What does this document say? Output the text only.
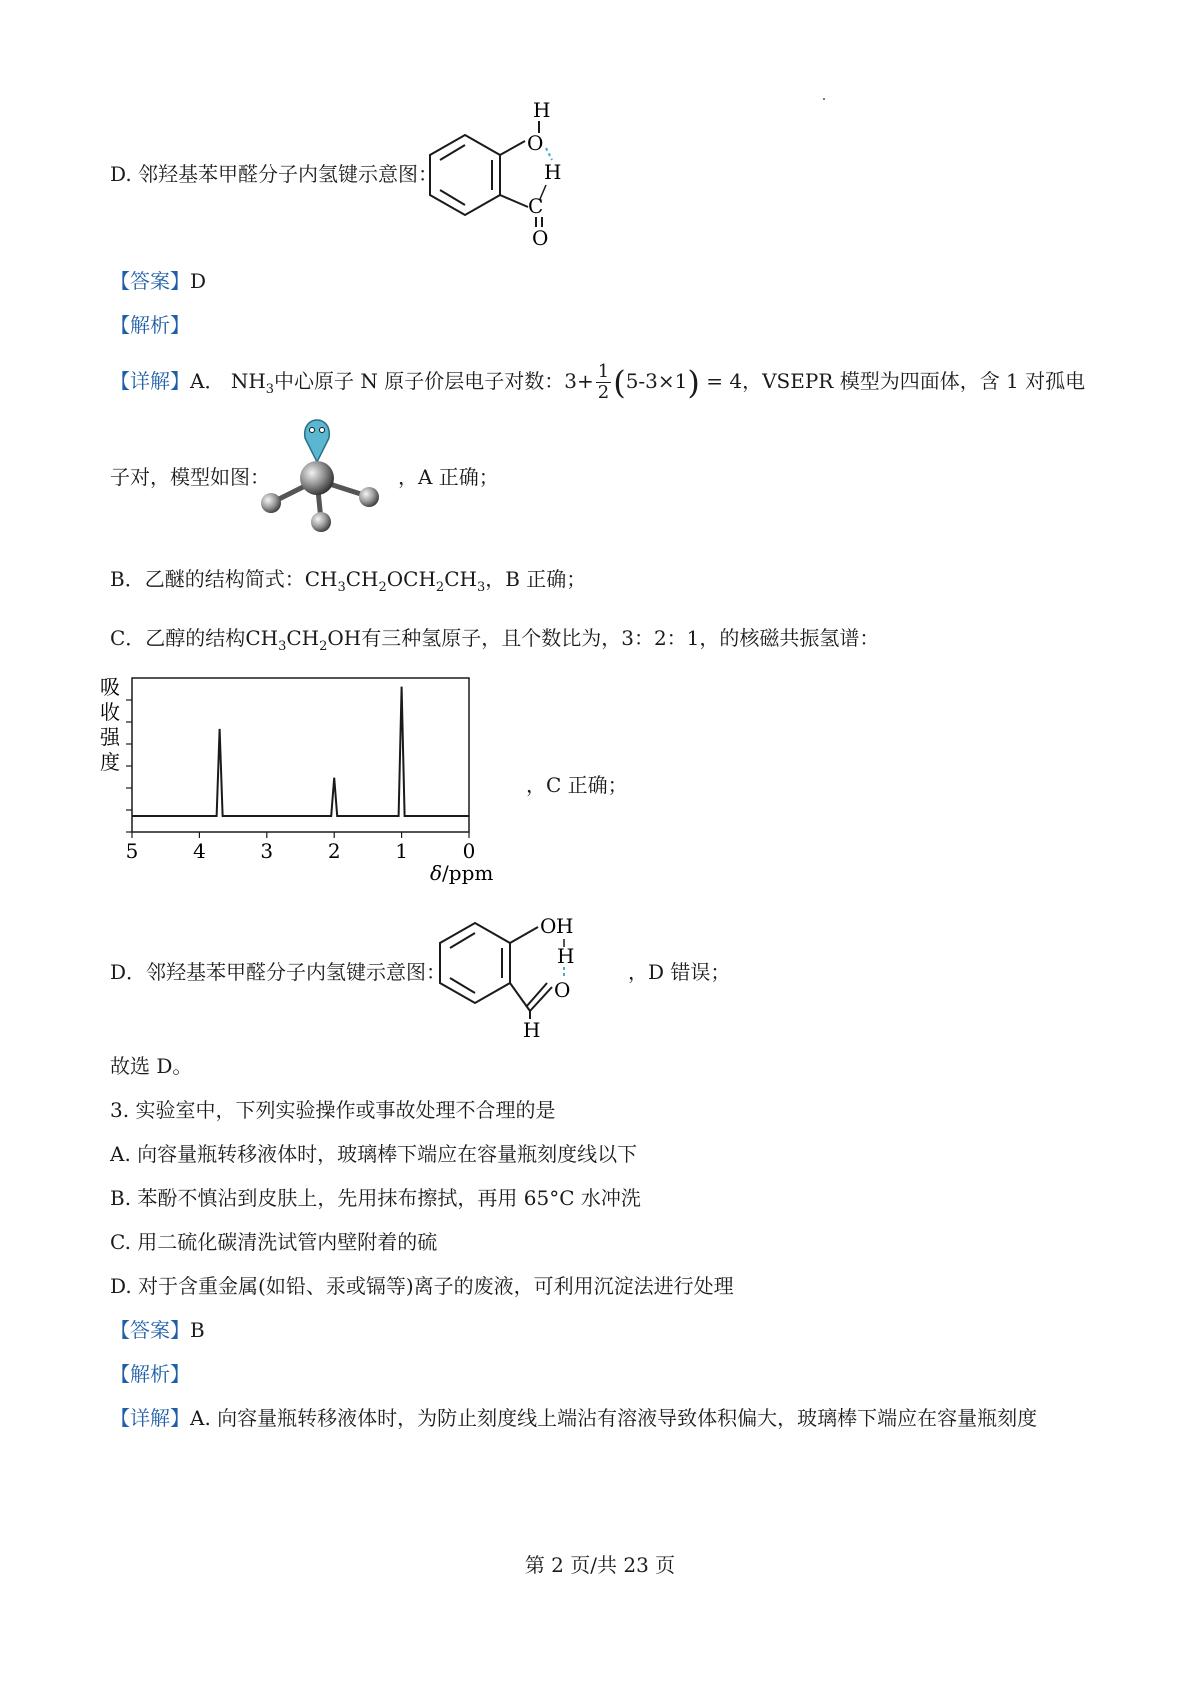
D. 邻羟基苯甲醛分子内氢键示意图：
H
O
H
C
O
【答案】D
【解析】
【详解】A． $NH_3$中心原子 N 原子价层电子对数：$3+ \frac{1}{2} (5-3\times 1) = 4$，VSEPR 模型为四面体，含 1 对孤电
子对，模型如图：	，A 正确；
B．乙醚的结构简式：$CH_3CH_2OCH_2CH_3$，B 正确；
C．乙醇的结构$CH_3CH_2OH$有三种氢原子，且个数比为，3：2：1，的核磁共振氢谱：
吸
收
强
度
5	4	3	2	1	0
δ/ppm
，C 正确；
D．邻羟基苯甲醛分子内氢键示意图：
O H
H
O
H
，D 错误；
故选 D。
3. 实验室中，下列实验操作或事故处理不合理的是
A. 向容量瓶转移液体时，玻璃棒下端应在容量瓶刻度线以下
B. 苯酚不慎沾到皮肤上，先用抹布擦拭，再用 65°C 水冲洗
C. 用二硫化碳清洗试管内壁附着的硫
D. 对于含重金属(如铅、汞或镉等)离子的废液，可利用沉淀法进行处理
【答案】B
【解析】
【详解】A. 向容量瓶转移液体时，为防止刻度线上端沾有溶液导致体积偏大，玻璃棒下端应在容量瓶刻度
第 2 页/共 23 页
